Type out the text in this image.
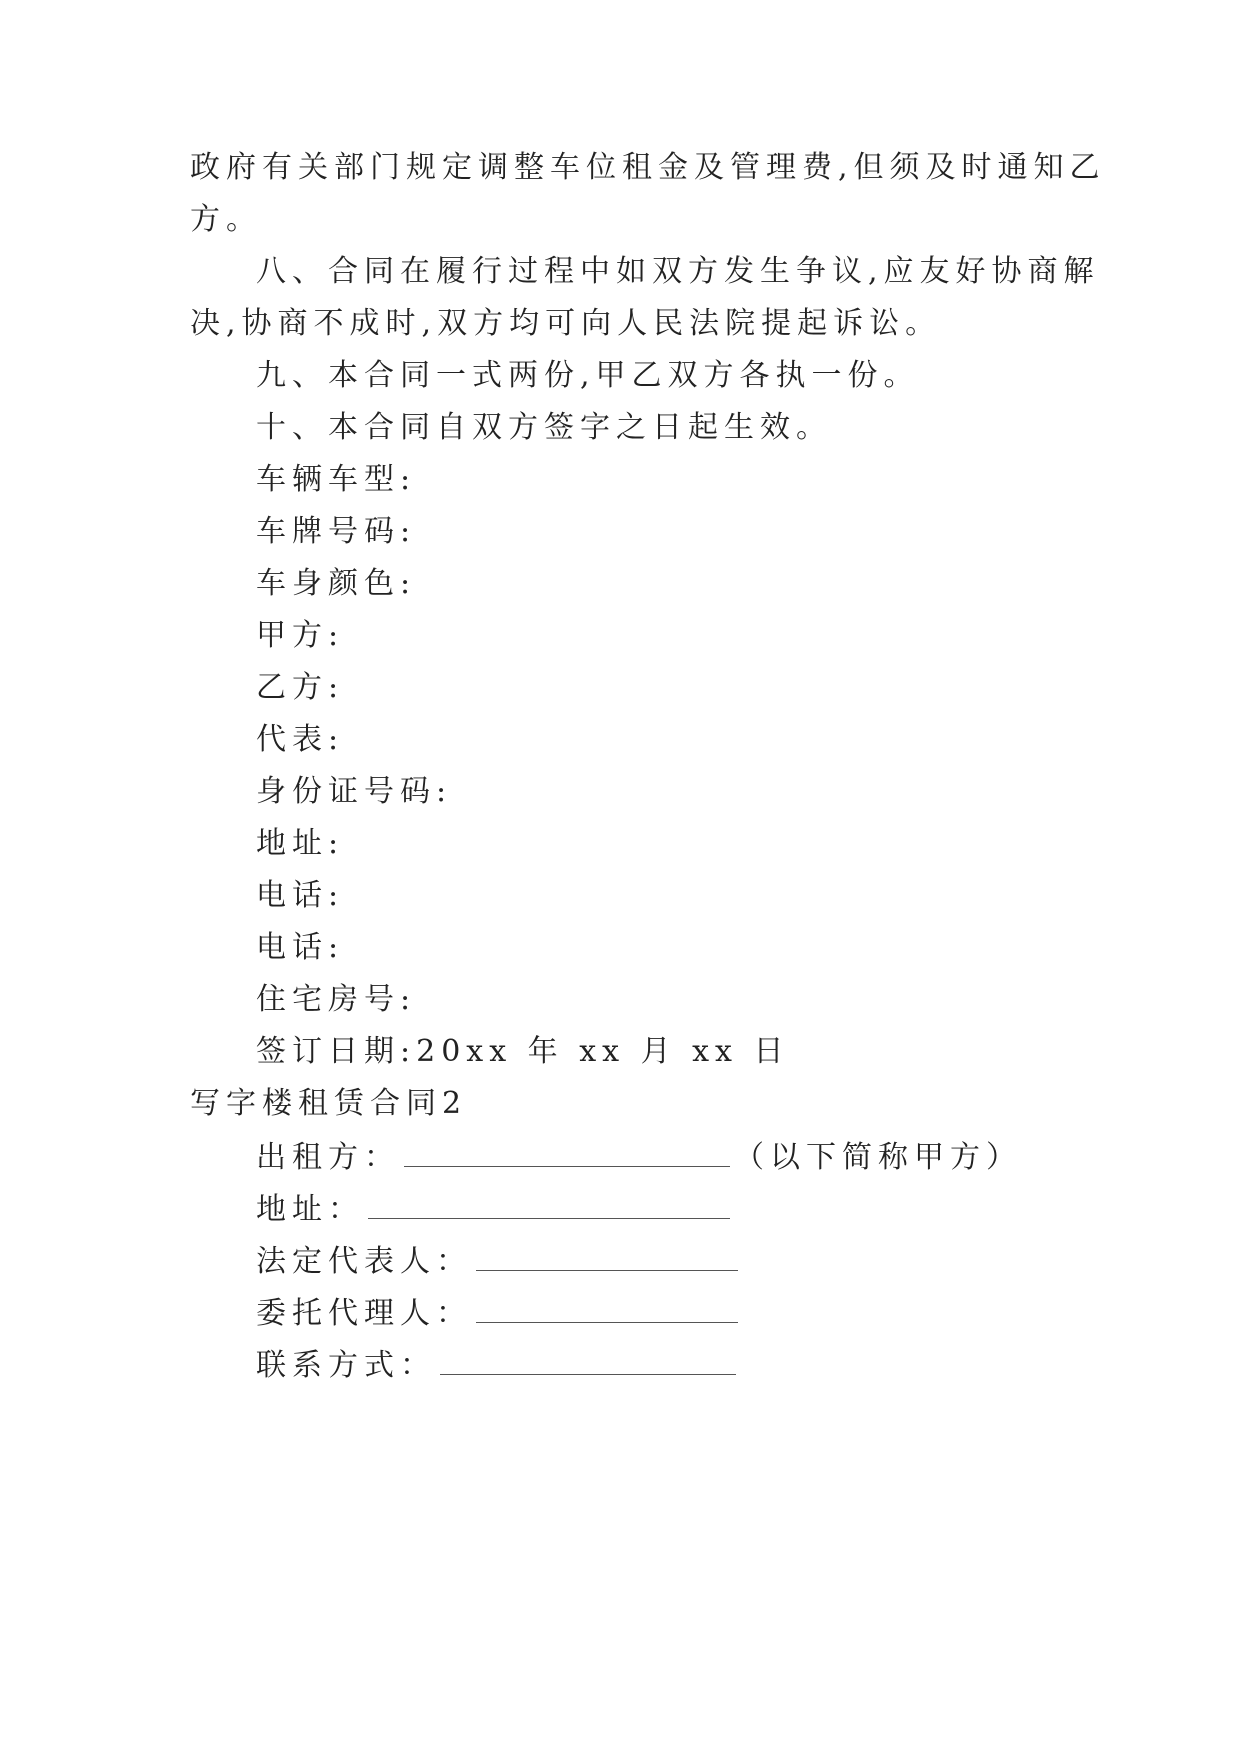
政府有关部门规定调整车位租金及管理费,但须及时通知乙
方。
八、合同在履行过程中如双方发生争议,应友好协商解
决,协商不成时,双方均可向人民法院提起诉讼。
九、本合同一式两份,甲乙双方各执一份。
十、本合同自双方签字之日起生效。
车辆车型:
车牌号码:
车身颜色:
甲方:
乙方:
代表:
身份证号码:
地址:
电话:
电话:
住宅房号:
签订日期:20xx 年 xx 月 xx 日
写字楼租赁合同2
出租方：	（以下简称甲方）
地址：
法定代表人：
委托代理人：
联系方式：
